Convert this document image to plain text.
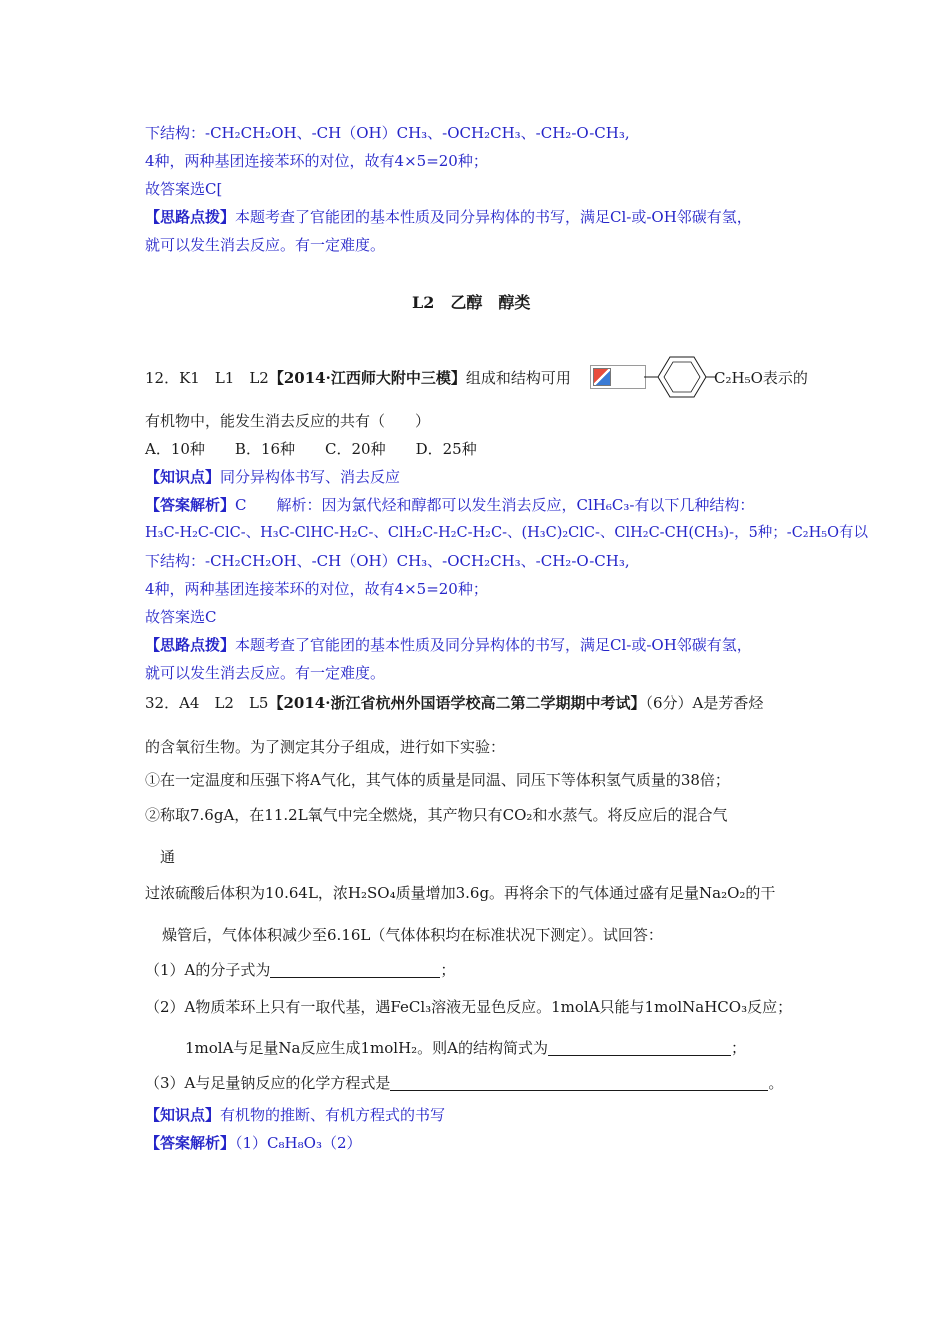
下结构：-CH₂CH₂OH、-CH（OH）CH₃、-OCH₂CH₃、-CH₂-O-CH₃,
4种，两种基团连接苯环的对位，故有4×5=20种；
故答案选C[
【思路点拨】本题考查了官能团的基本性质及同分异构体的书写，满足Cl-或-OH邻碳有氢，
就可以发生消去反应。有一定难度。
L2　乙醇　醇类
12．K1　L1　L2【2014·江西师大附中三模】组成和结构可用	C₂H₅O表示的
有机物中，能发生消去反应的共有（　　）
A．10种　　B．16种　　C．20种　　D．25种
【知识点】同分异构体书写、消去反应
【答案解析】C　　解析：因为氯代烃和醇都可以发生消去反应，ClH₆C₃-有以下几种结构：
H₃C-H₂C-ClC-、H₃C-ClHC-H₂C-、ClH₂C-H₂C-H₂C-、(H₃C)₂ClC-、ClH₂C-CH(CH₃)-，5种；-C₂H₅O有以
下结构：-CH₂CH₂OH、-CH（OH）CH₃、-OCH₂CH₃、-CH₂-O-CH₃,
4种，两种基团连接苯环的对位，故有4×5=20种；
故答案选C
【思路点拨】本题考查了官能团的基本性质及同分异构体的书写，满足Cl-或-OH邻碳有氢，
就可以发生消去反应。有一定难度。
32．A4　L2　L5【2014·浙江省杭州外国语学校高二第二学期期中考试】（6分）A是芳香烃
的含氧衍生物。为了测定其分子组成，进行如下实验：
①在一定温度和压强下将A气化，其气体的质量是同温、同压下等体积氢气质量的38倍；
②称取7.6gA，在11.2L氧气中完全燃烧，其产物只有CO₂和水蒸气。将反应后的混合气
通
过浓硫酸后体积为10.64L，浓H₂SO₄质量增加3.6g。再将余下的气体通过盛有足量Na₂O₂的干
燥管后，气体体积减少至6.16L（气体体积均在标准状况下测定）。试回答：
（1）A的分子式为	；
（2）A物质苯环上只有一取代基，遇FeCl₃溶液无显色反应。1molA只能与1molNaHCO₃反应；
1molA与足量Na反应生成1molH₂。则A的结构简式为	；
（3）A与足量钠反应的化学方程式是	。
【知识点】有机物的推断、有机方程式的书写
【答案解析】（1）C₈H₈O₃（2）
